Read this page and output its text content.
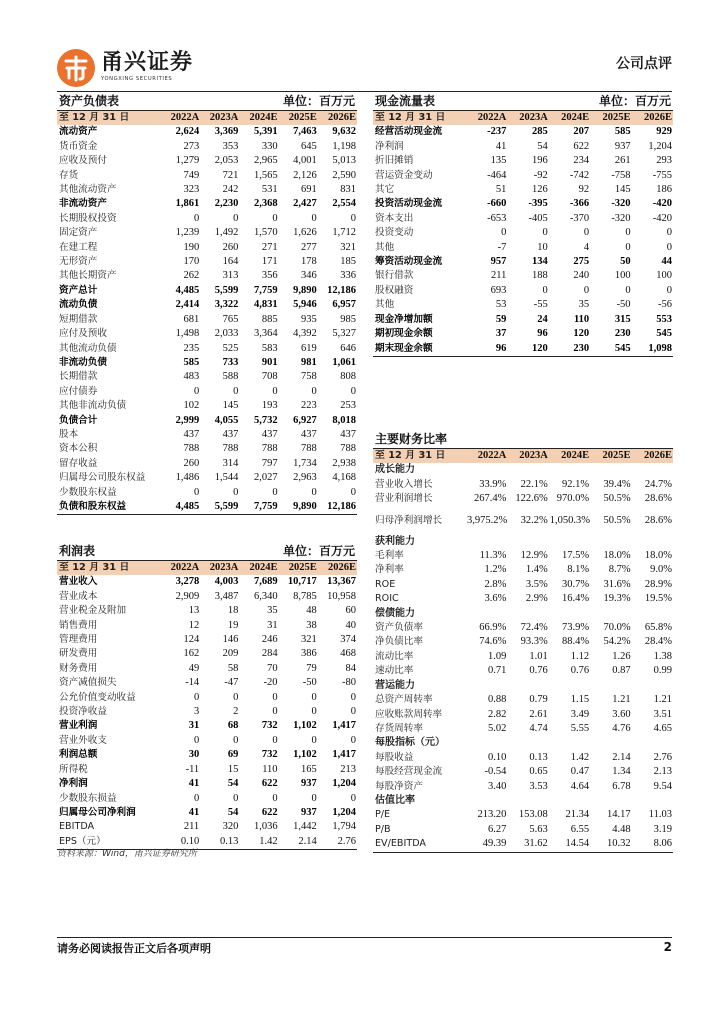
甬兴证券
YONGXING SECURITIES
公司点评
资产负债表	单位：百万元
至 12 月 31 日	2022A	2023A	2024E	2025E	2026E
流动资产	2,624	3,369	5,391	7,463	9,632
货币资金	273	353	330	645	1,198
应收及预付	1,279	2,053	2,965	4,001	5,013
存货	749	721	1,565	2,126	2,590
其他流动资产	323	242	531	691	831
非流动资产	1,861	2,230	2,368	2,427	2,554
长期股权投资	0	0	0	0	0
固定资产	1,239	1,492	1,570	1,626	1,712
在建工程	190	260	271	277	321
无形资产	170	164	171	178	185
其他长期资产	262	313	356	346	336
资产总计	4,485	5,599	7,759	9,890	12,186
流动负债	2,414	3,322	4,831	5,946	6,957
短期借款	681	765	885	935	985
应付及预收	1,498	2,033	3,364	4,392	5,327
其他流动负债	235	525	583	619	646
非流动负债	585	733	901	981	1,061
长期借款	483	588	708	758	808
应付债券	0	0	0	0	0
其他非流动负债	102	145	193	223	253
负债合计	2,999	4,055	5,732	6,927	8,018
股本	437	437	437	437	437
资本公积	788	788	788	788	788
留存收益	260	314	797	1,734	2,938
归属母公司股东权益	1,486	1,544	2,027	2,963	4,168
少数股东权益	0	0	0	0	0
负债和股东权益	4,485	5,599	7,759	9,890	12,186
现金流量表	单位：百万元
至 12 月 31 日	2022A	2023A	2024E	2025E	2026E
经营活动现金流	-237	285	207	585	929
净利润	41	54	622	937	1,204
折旧摊销	135	196	234	261	293
营运资金变动	-464	-92	-742	-758	-755
其它	51	126	92	145	186
投资活动现金流	-660	-395	-366	-320	-420
资本支出	-653	-405	-370	-320	-420
投资变动	0	0	0	0	0
其他	-7	10	4	0	0
筹资活动现金流	957	134	275	50	44
银行借款	211	188	240	100	100
股权融资	693	0	0	0	0
其他	53	-55	35	-50	-56
现金净增加额	59	24	110	315	553
期初现金余额	37	96	120	230	545
期末现金余额	96	120	230	545	1,098
利润表	单位：百万元
至 12 月 31 日	2022A	2023A	2024E	2025E	2026E
营业收入	3,278	4,003	7,689	10,717	13,367
营业成本	2,909	3,487	6,340	8,785	10,958
营业税金及附加	13	18	35	48	60
销售费用	12	19	31	38	40
管理费用	124	146	246	321	374
研发费用	162	209	284	386	468
财务费用	49	58	70	79	84
资产减值损失	-14	-47	-20	-50	-80
公允价值变动收益	0	0	0	0	0
投资净收益	3	2	0	0	0
营业利润	31	68	732	1,102	1,417
营业外收支	0	0	0	0	0
利润总额	30	69	732	1,102	1,417
所得税	-11	15	110	165	213
净利润	41	54	622	937	1,204
少数股东损益	0	0	0	0	0
归属母公司净利润	41	54	622	937	1,204
EBITDA	211	320	1,036	1,442	1,794
EPS（元）	0.10	0.13	1.42	2.14	2.76
主要财务比率
至 12 月 31 日	2022A	2023A	2024E	2025E	2026E
成长能力					
营业收入增长	33.9%	22.1%	92.1%	39.4%	24.7%
营业利润增长	267.4%	122.6%	970.0%	50.5%	28.6%
归母净利润增长	3,975.2%	32.2%	1,050.3%	50.5%	28.6%
获利能力					
毛利率	11.3%	12.9%	17.5%	18.0%	18.0%
净利率	1.2%	1.4%	8.1%	8.7%	9.0%
ROE	2.8%	3.5%	30.7%	31.6%	28.9%
ROIC	3.6%	2.9%	16.4%	19.3%	19.5%
偿债能力					
资产负债率	66.9%	72.4%	73.9%	70.0%	65.8%
净负债比率	74.6%	93.3%	88.4%	54.2%	28.4%
流动比率	1.09	1.01	1.12	1.26	1.38
速动比率	0.71	0.76	0.76	0.87	0.99
营运能力					
总资产周转率	0.88	0.79	1.15	1.21	1.21
应收账款周转率	2.82	2.61	3.49	3.60	3.51
存货周转率	5.02	4.74	5.55	4.76	4.65
每股指标（元）					
每股收益	0.10	0.13	1.42	2.14	2.76
每股经营现金流	-0.54	0.65	0.47	1.34	2.13
每股净资产	3.40	3.53	4.64	6.78	9.54
估值比率					
P/E	213.20	153.08	21.34	14.17	11.03
P/B	6.27	5.63	6.55	4.48	3.19
EV/EBITDA	49.39	31.62	14.54	10.32	8.06
资料来源：Wind，甬兴证券研究所
请务必阅读报告正文后各项声明	2
